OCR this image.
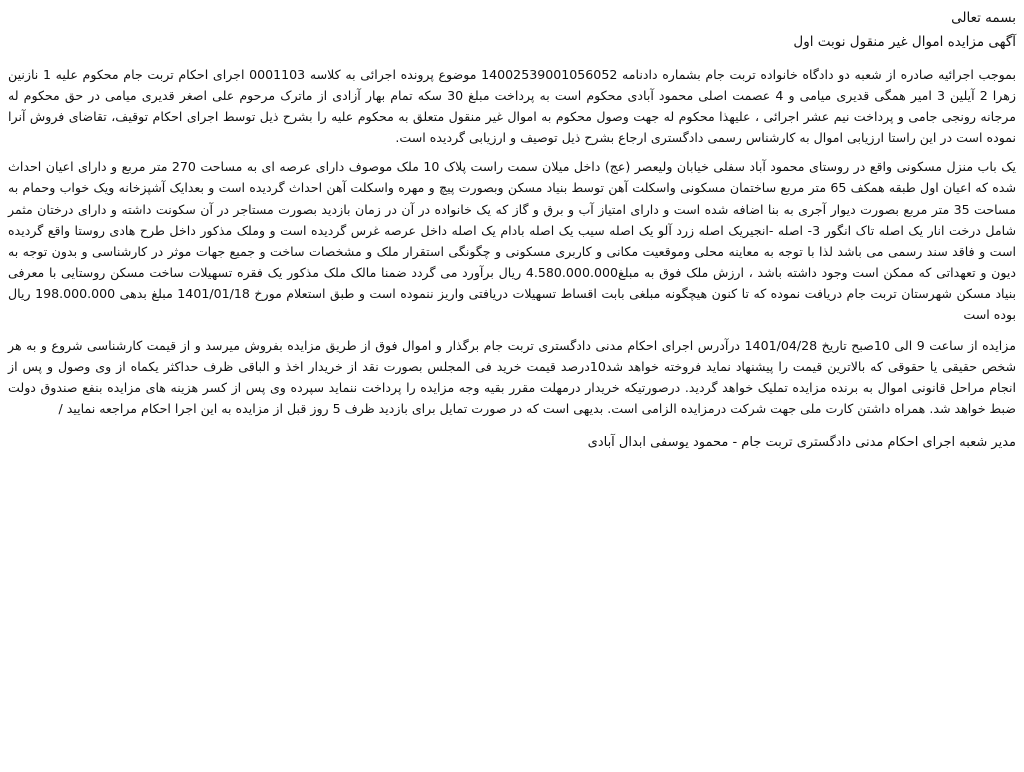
بسمه تعالی

آگهی مزایده اموال غیر منقول نوبت اول

بموجب اجرائیه صادره از شعبه دو دادگاه خانواده تربت جام بشماره دادنامه 14002539001056052 موضوع پرونده اجرائی به کلاسه 0001103 اجرای احکام تربت جام محکوم علیه 1 نازنین زهرا 2 آیلین 3 امیر همگی قدیری میامی و 4 عصمت اصلی محمود آبادی محکوم است به پرداخت مبلغ 30 سکه تمام بهار آزادی از ماترک مرحوم علی اصغر قدیری میامی در حق محکوم له مرجانه رونجی جامی و پرداخت نیم عشر اجرائی ، علیهذا محکوم له جهت وصول محکوم به اموال غیر منقول متعلق به محکوم علیه را بشرح ذیل توسط اجرای احکام توقیف، تقاضای فروش آنرا نموده است در این راستا ارزیابی اموال به کارشناس رسمی دادگستری ارجاع بشرح ذیل توصیف و ارزیابی گردیده است.

یک باب منزل مسکونی واقع در روستای محمود آباد سفلی خیابان ولیعصر (عج) داخل میلان سمت راست پلاک 10 ملک موصوف دارای عرصه ای به مساحت 270 متر مربع و دارای اعیان احداث شده که اعیان اول طبقه همکف 65 متر مربع ساختمان مسکونی واسکلت آهن توسط بنیاد مسکن وبصورت پیچ و مهره واسکلت آهن احداث گردیده است و بعدایک آشپزخانه ویک خواب وحمام به مساحت 35 متر مربع بصورت دیوار آجری به بنا اضافه شده است و دارای امتیاز آب و برق و گاز که یک خانواده در آن در زمان بازدید بصورت مستاجر در آن سکونت داشته و دارای درختان مثمر شامل درخت انار یک اصله تاک انگور 3- اصله -انجیریک اصله زرد آلو یک اصله سیب یک اصله بادام یک اصله داخل عرصه غرس گردیده است و وملک مذکور داخل طرح هادی روستا واقع گردیده است و فاقد سند رسمی می باشد لذا با توجه به معاینه محلی وموقعیت مکانی و کاربری مسکونی و چگونگی استقرار ملک و مشخصات ساخت و جمیع جهات موثر در کارشناسی و بدون توجه به دیون و تعهداتی که ممکن است وجود داشته باشد ، ارزش ملک فوق به مبلغ4.580.000.000 ریال برآورد می گردد ضمنا مالک ملک مذکور یک فقره تسهیلات ساخت مسکن روستایی با معرفی بنیاد مسکن شهرستان تربت جام دریافت نموده که تا کنون هیچگونه مبلغی بابت اقساط تسهیلات دریافتی واریز ننموده است و طبق استعلام مورخ 1401/01/18 مبلغ بدهی 198.000.000 ریال بوده است

مزایده از ساعت 9 الی 10صبح تاریخ 1401/04/28 درآدرس اجرای احکام مدنی دادگستری تربت جام برگذار و اموال فوق از طریق مزایده بفروش میرسد و از قیمت کارشناسی شروع و به هر شخص حقیقی یا حقوقی که بالاترین قیمت را پیشنهاد نماید فروخته خواهد شد10درصد قیمت خرید فی المجلس بصورت نقد از خریدار اخذ و الباقی ظرف حداکثر یکماه از وی وصول و پس از انجام مراحل قانونی اموال به برنده مزایده تملیک خواهد گردید. درصورتیکه خریدار درمهلت مقرر بقیه وجه مزایده را پرداخت ننماید سپرده وی پس از کسر هزینه های مزایده بنفع صندوق دولت ضبط خواهد شد. همراه داشتن کارت ملی جهت شرکت درمزایده الزامی است. بدیهی است که در صورت تمایل برای بازدید ظرف 5 روز قبل از مزایده به این اجرا احکام مراجعه نمایید /

مدیر شعبه اجرای احکام مدنی دادگستری تربت جام - محمود یوسفی ابدال آبادی
